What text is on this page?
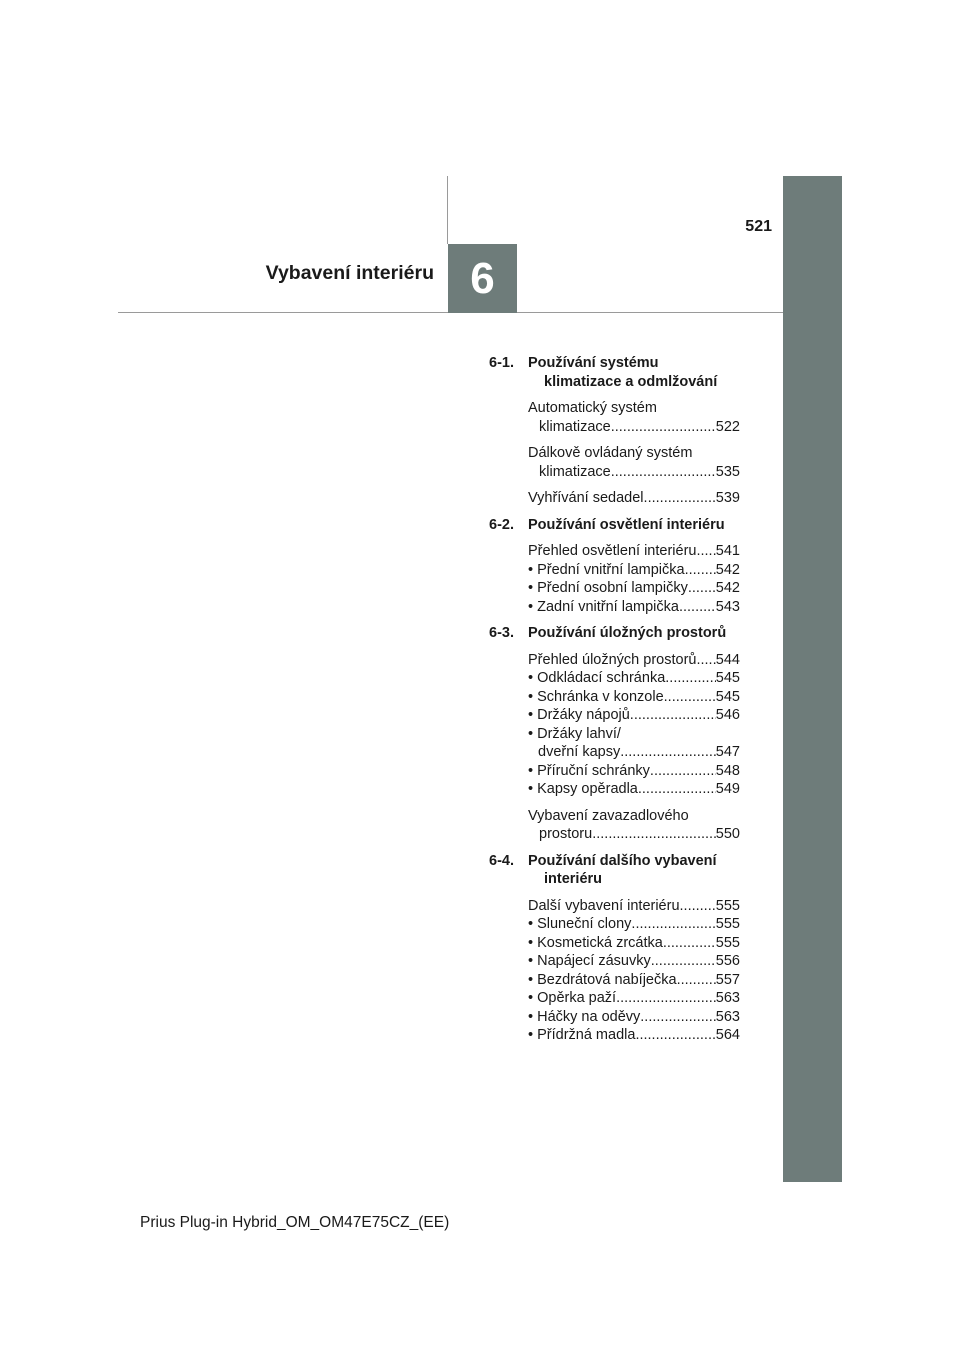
6
521
Vybavení interiéru
6-1. Používání systému
klimatizace a odmlžování
Automatický systém
klimatizace .....	522
Dálkově ovládaný systém
klimatizace .....	535
Vyhřívání sedadel .....	539
6-2. Používání osvětlení interiéru
Přehled osvětlení interiéru ..... 541
• Přední vnitřní lampička ..... 542
• Přední osobní lampičky ..... 542
• Zadní vnitřní lampička .....	543
6-3. Používání úložných prostorů
Přehled úložných prostorů ..... 544
• Odkládací schránka .....	545
• Schránka v konzole .....	545
• Držáky nápojů .....	546
• Držáky lahví/
dveřní kapsy .....	547
• Příruční schránky .....	548
• Kapsy opěradla .....	549
Vybavení zavazadlového
prostoru .....	550
6-4. Používání dalšího vybavení
interiéru
Další vybavení interiéru .....	555
• Sluneční clony .....	555
• Kosmetická zrcátka .....	555
• Napájecí zásuvky .....	556
• Bezdrátová nabíječka .....	557
• Opěrka paží .....	563
• Háčky na oděvy .....	563
• Přídržná madla .....	564
Prius Plug-in Hybrid_OM_OM47E75CZ_(EE)
